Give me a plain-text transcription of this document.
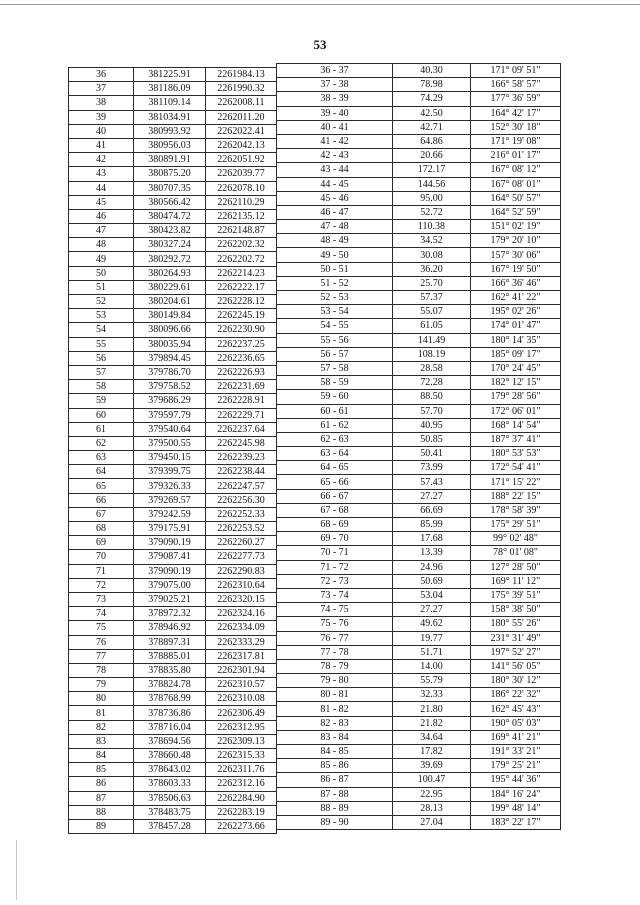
53
36	381225.91	2261984.13
37	381186.09	2261990.32
38	381109.14	2262008.11
39	381034.91	2262011.20
40	380993.92	2262022.41
41	380956.03	2262042.13
42	380891.91	2262051.92
43	380875.20	2262039.77
44	380707.35	2262078.10
45	380566.42	2262110.29
46	380474.72	2262135.12
47	380423.82	2262148.87
48	380327.24	2262202.32
49	380292.72	2262202.72
50	380264.93	2262214.23
51	380229.61	2262222.17
52	380204.61	2262228.12
53	380149.84	2262245.19
54	380096.66	2262230.90
55	380035.94	2262237.25
56	379894.45	2262236.65
57	379786.70	2262226.93
58	379758.52	2262231.69
59	379686.29	2262228.91
60	379597.79	2262229.71
61	379540.64	2262237.64
62	379500.55	2262245.98
63	379450.15	2262239.23
64	379399.75	2262238.44
65	379326.33	2262247.57
66	379269.57	2262256.30
67	379242.59	2262252.33
68	379175.91	2262253.52
69	379090.19	2262260.27
70	379087.41	2262277.73
71	379090.19	2262290.83
72	379075.00	2262310.64
73	379025.21	2262320.15
74	378972.32	2262324.16
75	378946.92	2262334.09
76	378897.31	2262333.29
77	378885.01	2262317.81
78	378835.80	2262301.94
79	378824.78	2262310.57
80	378768.99	2262310.08
81	378736.86	2262306.49
82	378716.04	2262312.95
83	378694.56	2262309.13
84	378660.48	2262315.33
85	378643.02	2262311.76
86	378603.33	2262312.16
87	378506.63	2262284.90
88	378483.75	2262283.19
89	378457.28	2262273.66
36 - 37	40.30	171° 09' 51"
37 - 38	78.98	166° 58' 57"
38 - 39	74.29	177° 36' 59"
39 - 40	42.50	164° 42' 17"
40 - 41	42.71	152° 30' 18"
41 - 42	64.86	171° 19' 08"
42 - 43	20.66	216° 01' 17"
43 - 44	172.17	167° 08' 12"
44 - 45	144.56	167° 08' 01"
45 - 46	95.00	164° 50' 57"
46 - 47	52.72	164° 52' 59"
47 - 48	110.38	151° 02' 19"
48 - 49	34.52	179° 20' 10"
49 - 50	30.08	157° 30' 06"
50 - 51	36.20	167° 19' 50"
51 - 52	25.70	166° 36' 46"
52 - 53	57.37	162° 41' 22"
53 - 54	55.07	195° 02' 26"
54 - 55	61.05	174° 01' 47"
55 - 56	141.49	180° 14' 35"
56 - 57	108.19	185° 09' 17"
57 - 58	28.58	170° 24' 45"
58 - 59	72.28	182° 12' 15"
59 - 60	88.50	179° 28' 56"
60 - 61	57.70	172° 06' 01"
61 - 62	40.95	168° 14' 54"
62 - 63	50.85	187° 37' 41"
63 - 64	50.41	180° 53' 53"
64 - 65	73.99	172° 54' 41"
65 - 66	57.43	171° 15' 22"
66 - 67	27.27	188° 22' 15"
67 - 68	66.69	178° 58' 39"
68 - 69	85.99	175° 29' 51"
69 - 70	17.68	99° 02' 48"
70 - 71	13.39	78° 01' 08"
71 - 72	24.96	127° 28' 50"
72 - 73	50.69	169° 11' 12"
73 - 74	53.04	175° 39' 51"
74 - 75	27.27	158° 38' 50"
75 - 76	49.62	180° 55' 26"
76 - 77	19.77	231° 31' 49"
77 - 78	51.71	197° 52' 27"
78 - 79	14.00	141° 56' 05"
79 - 80	55.79	180° 30' 12"
80 - 81	32.33	186° 22' 32"
81 - 82	21.80	162° 45' 43"
82 - 83	21.82	190° 05' 03"
83 - 84	34.64	169° 41' 21"
84 - 85	17.82	191° 33' 21"
85 - 86	39.69	179° 25' 21"
86 - 87	100.47	195° 44' 36"
87 - 88	22.95	184° 16' 24"
88 - 89	28.13	199° 48' 14"
89 - 90	27.04	183° 22' 17"
